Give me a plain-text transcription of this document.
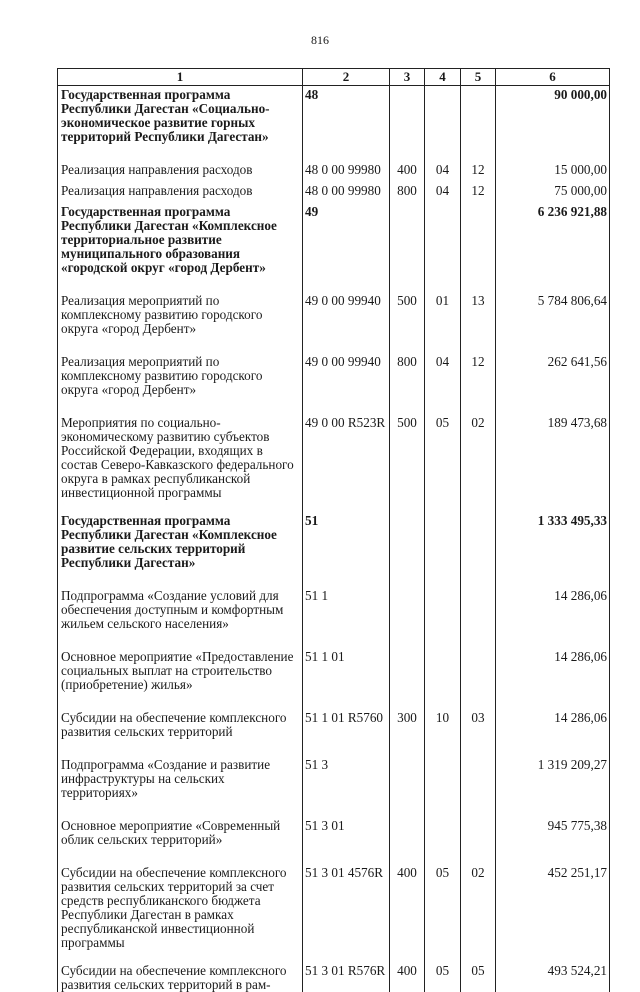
816
1	2	3	4	5	6
Государственная программа Республики Дагестан «Социально-экономическое развитие горных территорий Республики Дагестан»	48				90 000,00
Реализация направления расходов	48 0 00 99980	400	04	12	15 000,00
Реализация направления расходов	48 0 00 99980	800	04	12	75 000,00
Государственная программа Республики Дагестан «Комплексное территориальное развитие муниципального образования «городской округ «город Дербент»	49				6 236 921,88
Реализация мероприятий по комплексному развитию городского округа «город Дербент»	49 0 00 99940	500	01	13	5 784 806,64
Реализация мероприятий по комплексному развитию городского округа «город Дербент»	49 0 00 99940	800	04	12	262 641,56
Мероприятия по социально-экономическому развитию субъектов Российской Федерации, входящих в состав Северо-Кавказского федерального округа в рамках республиканской инвестиционной программы	49 0 00 R523R	500	05	02	189 473,68
Государственная программа Республики Дагестан «Комплексное развитие сельских территорий Республики Дагестан»	51				1 333 495,33
Подпрограмма «Создание условий для обеспечения доступным и комфортным жильем сельского населения»	51 1				14 286,06
Основное мероприятие «Предоставление социальных выплат на строительство (приобретение) жилья»	51 1 01				14 286,06
Субсидии на обеспечение комплексного развития сельских территорий	51 1 01 R5760	300	10	03	14 286,06
Подпрограмма «Создание и развитие инфраструктуры на сельских территориях»	51 3				1 319 209,27
Основное мероприятие «Современный облик сельских территорий»	51 3 01				945 775,38
Субсидии на обеспечение комплексного развития сельских территорий за счет средств республиканского бюджета Республики Дагестан в рамках республиканской инвестиционной программы	51 3 01 4576R	400	05	02	452 251,17
Субсидии на обеспечение комплексного развития сельских территорий в рам-	51 3 01 R576R	400	05	05	493 524,21
